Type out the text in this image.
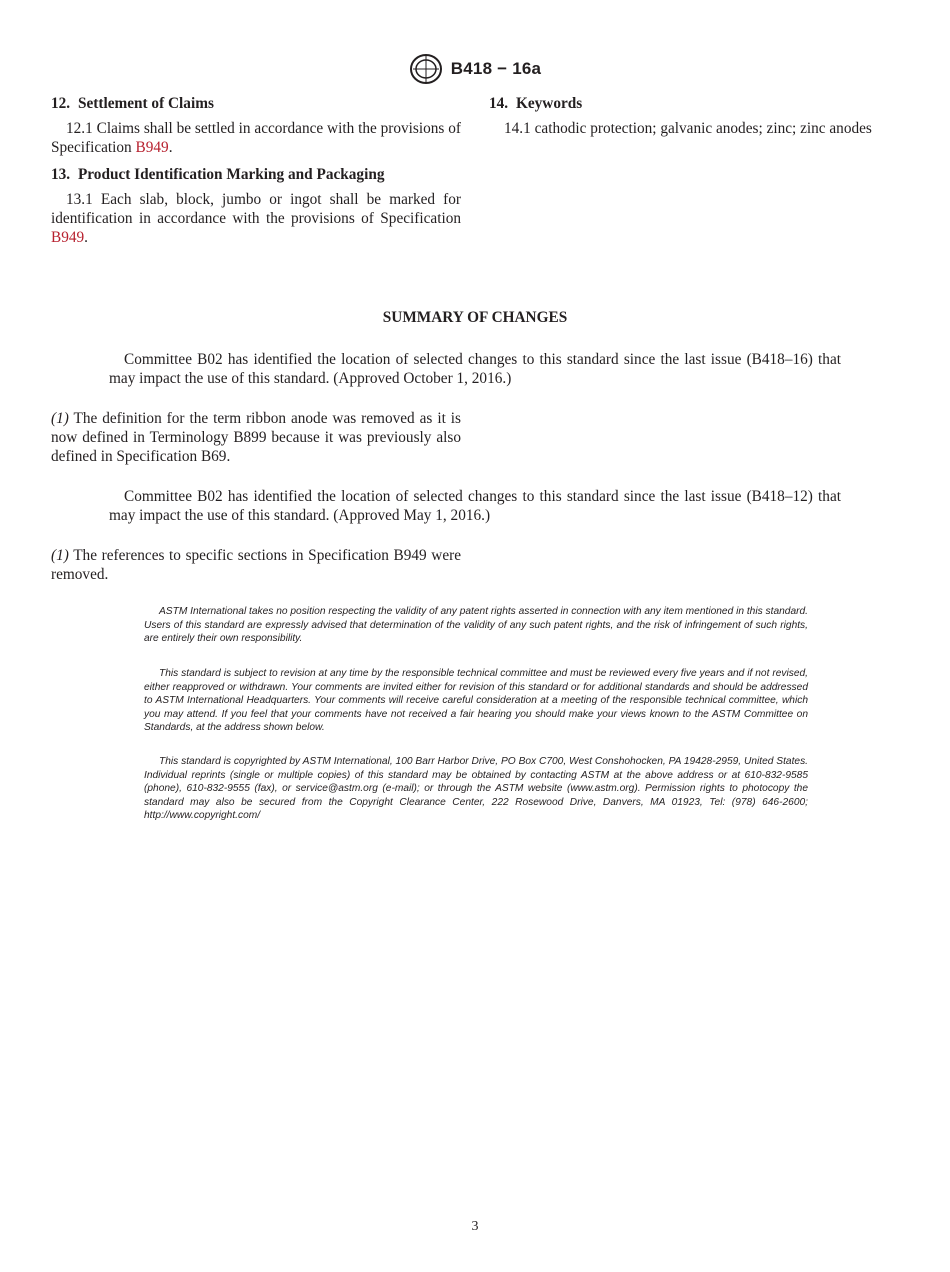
B418 − 16a
12. Settlement of Claims

12.1 Claims shall be settled in accordance with the provisions of Specification B949.

13. Product Identification Marking and Packaging

13.1 Each slab, block, jumbo or ingot shall be marked for identification in accordance with the provisions of Specification B949.

14. Keywords

14.1 cathodic protection; galvanic anodes; zinc; zinc anodes

SUMMARY OF CHANGES

Committee B02 has identified the location of selected changes to this standard since the last issue (B418–16) that may impact the use of this standard. (Approved October 1, 2016.)

(1) The definition for the term ribbon anode was removed as it is now defined in Terminology B899 because it was previously also defined in Specification B69.

Committee B02 has identified the location of selected changes to this standard since the last issue (B418–12) that may impact the use of this standard. (Approved May 1, 2016.)

(1) The references to specific sections in Specification B949 were removed.

ASTM International takes no position respecting the validity of any patent rights asserted in connection with any item mentioned in this standard. Users of this standard are expressly advised that determination of the validity of any such patent rights, and the risk of infringement of such rights, are entirely their own responsibility.

This standard is subject to revision at any time by the responsible technical committee and must be reviewed every five years and if not revised, either reapproved or withdrawn. Your comments are invited either for revision of this standard or for additional standards and should be addressed to ASTM International Headquarters. Your comments will receive careful consideration at a meeting of the responsible technical committee, which you may attend. If you feel that your comments have not received a fair hearing you should make your views known to the ASTM Committee on Standards, at the address shown below.

This standard is copyrighted by ASTM International, 100 Barr Harbor Drive, PO Box C700, West Conshohocken, PA 19428-2959, United States. Individual reprints (single or multiple copies) of this standard may be obtained by contacting ASTM at the above address or at 610-832-9585 (phone), 610-832-9555 (fax), or service@astm.org (e-mail); or through the ASTM website (www.astm.org). Permission rights to photocopy the standard may also be secured from the Copyright Clearance Center, 222 Rosewood Drive, Danvers, MA 01923, Tel: (978) 646-2600; http://www.copyright.com/

3
